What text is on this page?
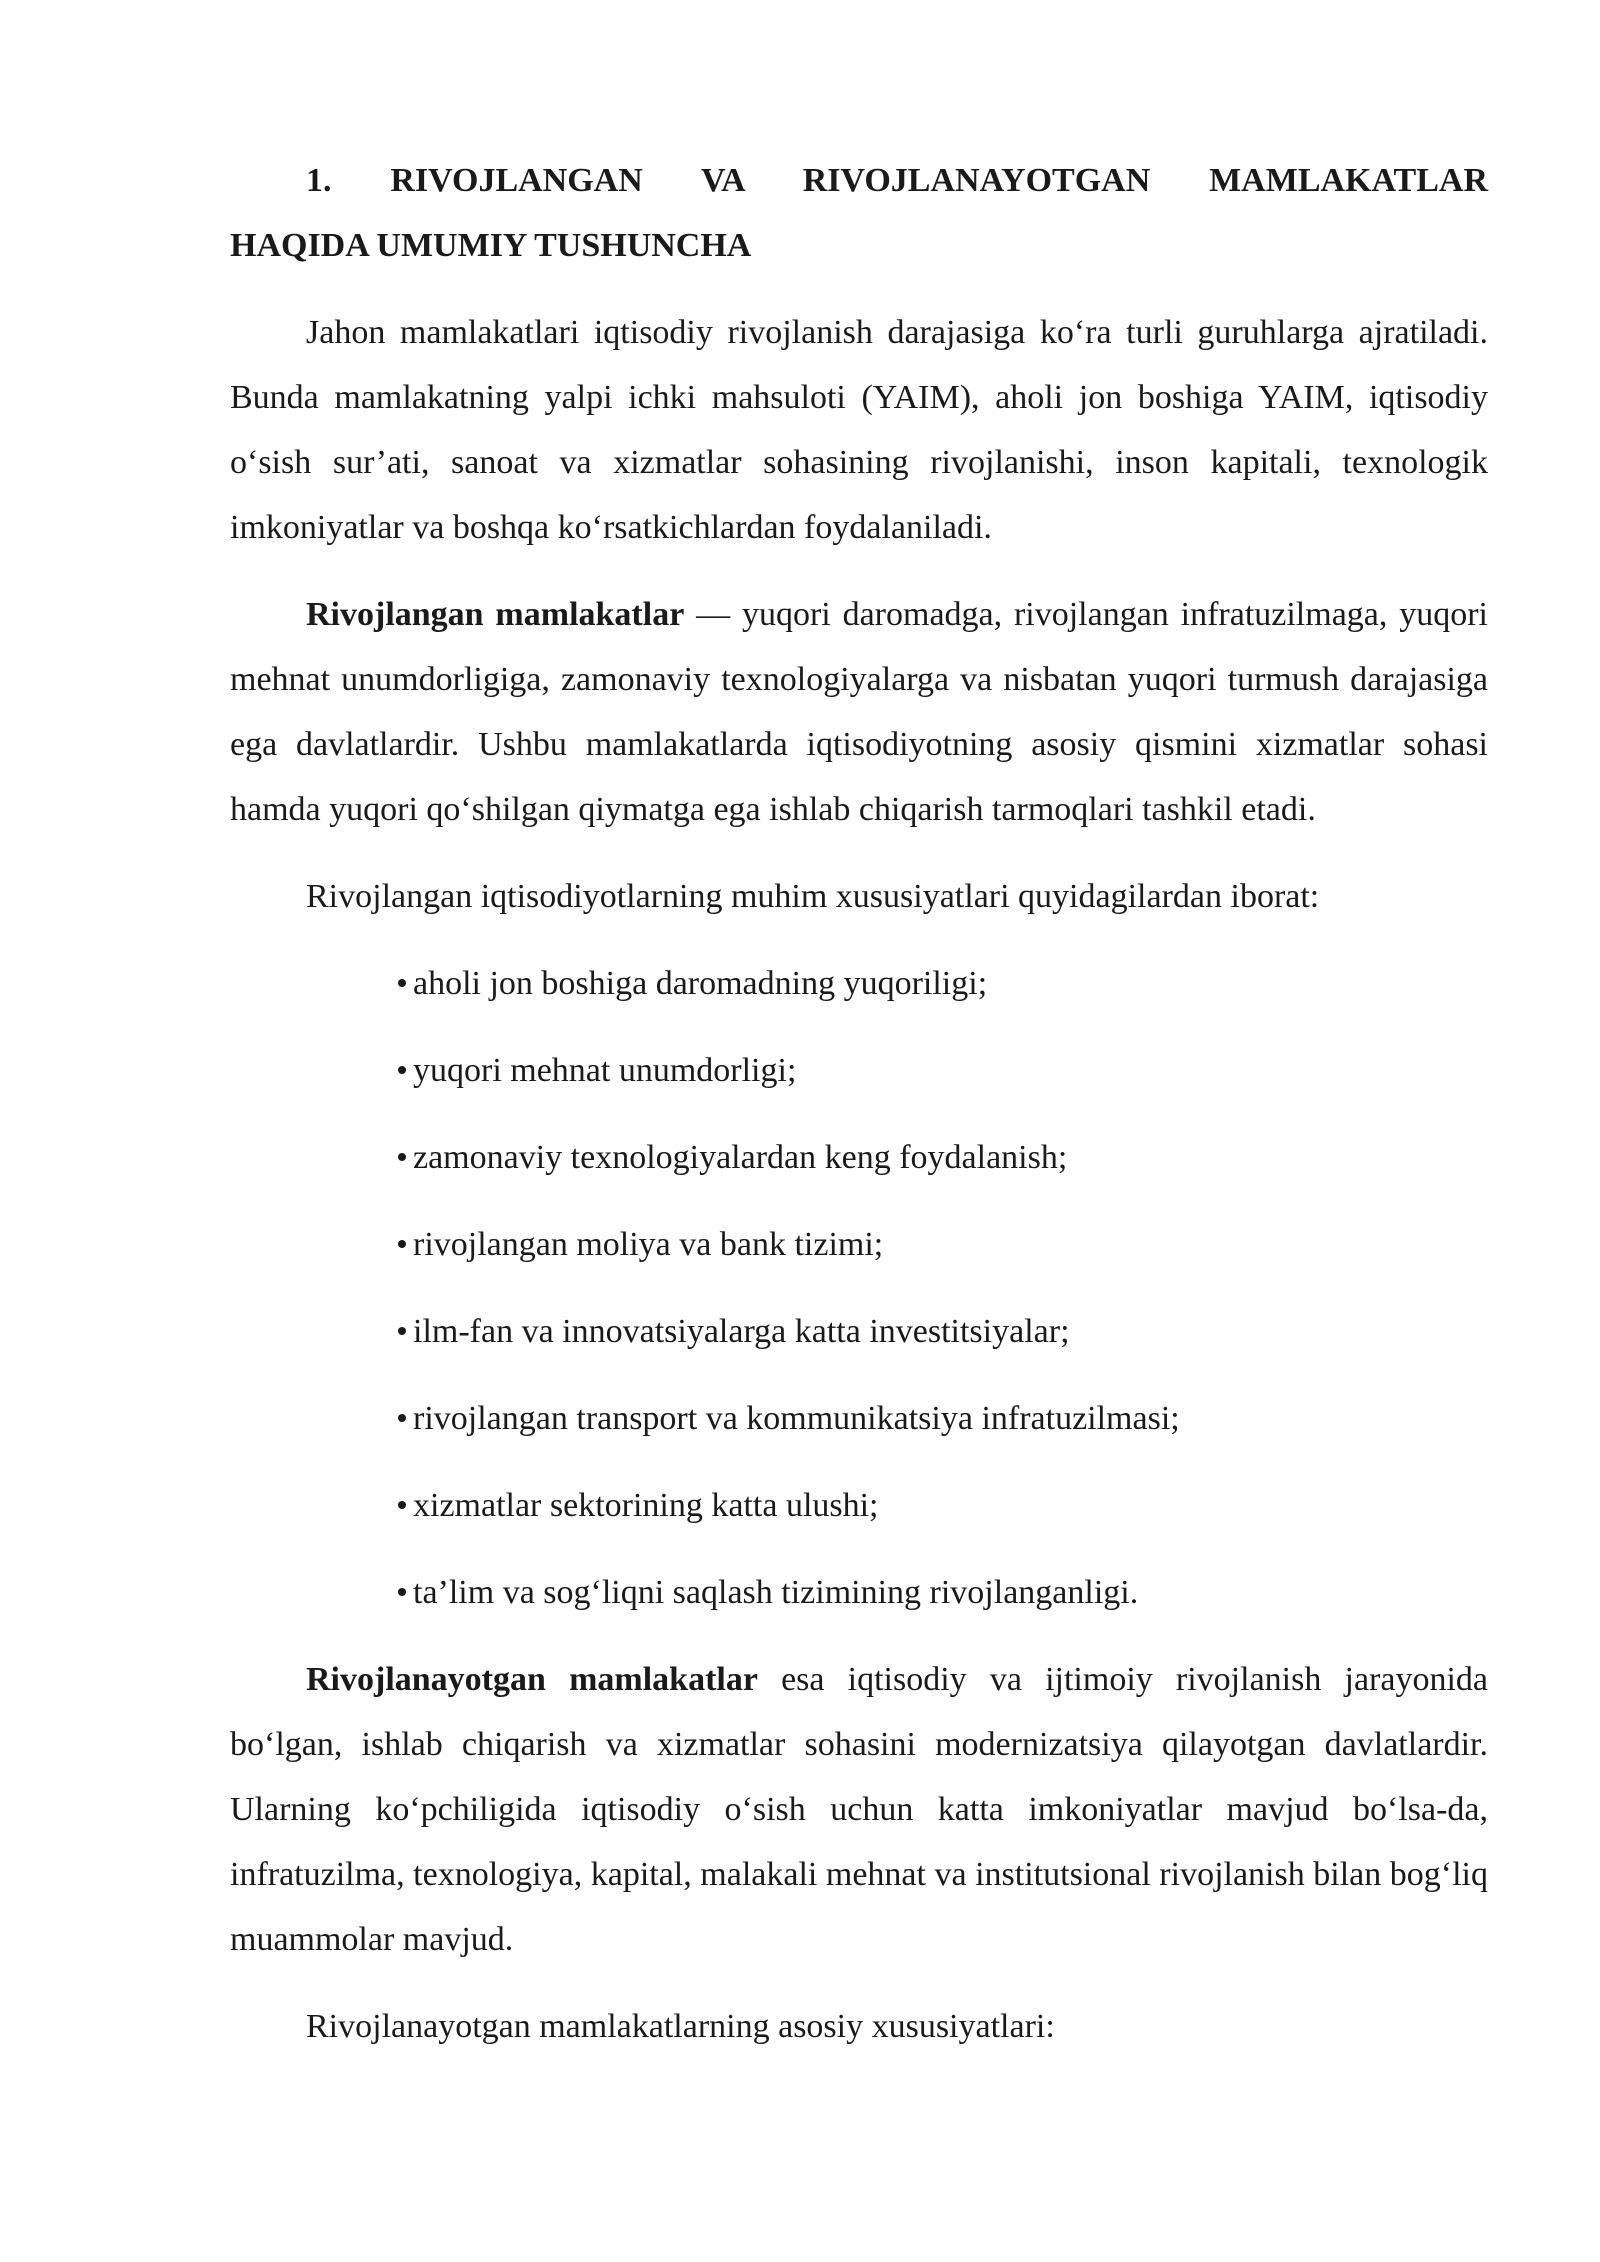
1. RIVOJLANGAN VA RIVOJLANAYOTGAN MAMLAKATLAR
HAQIDA UMUMIY TUSHUNCHA

Jahon mamlakatlari iqtisodiy rivojlanish darajasiga ko‘ra turli guruhlarga ajratiladi. Bunda mamlakatning yalpi ichki mahsuloti (YAIM), aholi jon boshiga YAIM, iqtisodiy o‘sish sur’ati, sanoat va xizmatlar sohasining rivojlanishi, inson kapitali, texnologik imkoniyatlar va boshqa ko‘rsatkichlardan foydalaniladi.

Rivojlangan mamlakatlar — yuqori daromadga, rivojlangan infratuzilmaga, yuqori mehnat unumdorligiga, zamonaviy texnologiyalarga va nisbatan yuqori turmush darajasiga ega davlatlardir. Ushbu mamlakatlarda iqtisodiyotning asosiy qismini xizmatlar sohasi hamda yuqori qo‘shilgan qiymatga ega ishlab chiqarish tarmoqlari tashkil etadi.

Rivojlangan iqtisodiyotlarning muhim xususiyatlari quyidagilardan iborat:

aholi jon boshiga daromadning yuqoriligi;
yuqori mehnat unumdorligi;
zamonaviy texnologiyalardan keng foydalanish;
rivojlangan moliya va bank tizimi;
ilm-fan va innovatsiyalarga katta investitsiyalar;
rivojlangan transport va kommunikatsiya infratuzilmasi;
xizmatlar sektorining katta ulushi;
ta’lim va sog‘liqni saqlash tizimining rivojlanganligi.

Rivojlanayotgan mamlakatlar esa iqtisodiy va ijtimoiy rivojlanish jarayonida bo‘lgan, ishlab chiqarish va xizmatlar sohasini modernizatsiya qilayotgan davlatlardir. Ularning ko‘pchiligida iqtisodiy o‘sish uchun katta imkoniyatlar mavjud bo‘lsa-da, infratuzilma, texnologiya, kapital, malakali mehnat va institutsional rivojlanish bilan bog‘liq muammolar mavjud.

Rivojlanayotgan mamlakatlarning asosiy xususiyatlari:
